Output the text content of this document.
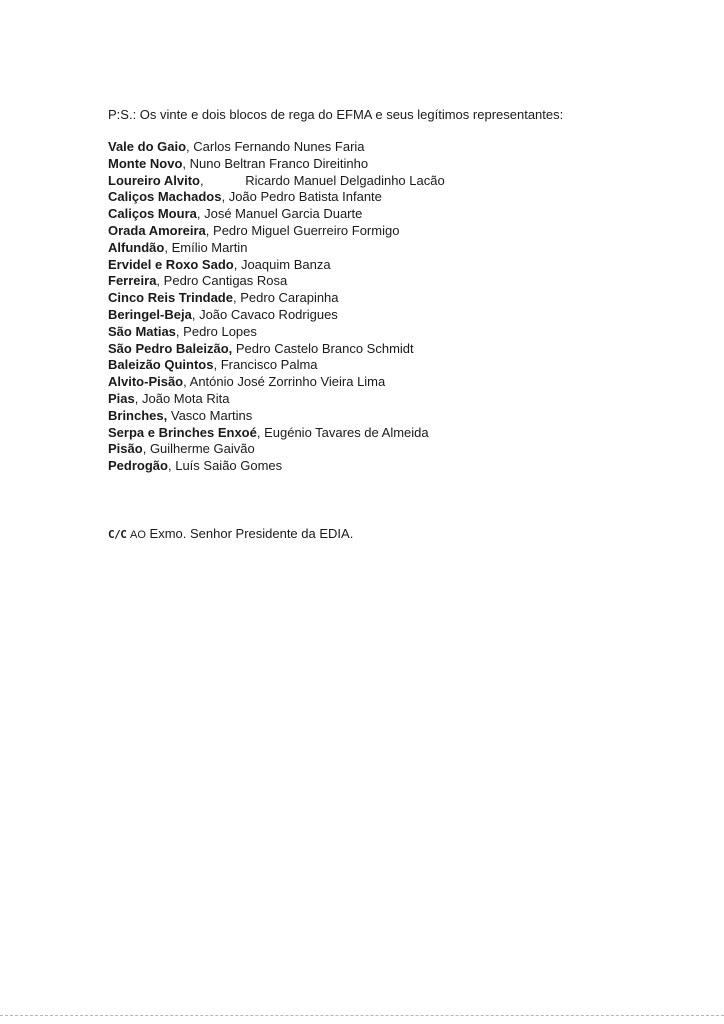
P:S.: Os vinte e dois blocos de rega do EFMA e seus legítimos representantes:
Vale do Gaio, Carlos Fernando Nunes Faria
Monte Novo, Nuno Beltran Franco Direitinho
Loureiro Alvito,	Ricardo Manuel Delgadinho Lacão
Caliços Machados, João Pedro Batista Infante
Caliços Moura, José Manuel Garcia Duarte
Orada Amoreira, Pedro Miguel Guerreiro Formigo
Alfundão, Emílio Martin
Ervidel e Roxo Sado, Joaquim Banza
Ferreira, Pedro Cantigas Rosa
Cinco Reis Trindade, Pedro Carapinha
Beringel-Beja, João Cavaco Rodrigues
São Matias, Pedro Lopes
São Pedro Baleizão, Pedro Castelo Branco Schmidt
Baleizão Quintos, Francisco Palma
Alvito-Pisão, António José Zorrinho Vieira Lima
Pias, João Mota Rita
Brinches, Vasco Martins
Serpa e Brinches Enxoé, Eugénio Tavares de Almeida
Pisão, Guilherme Gaivão
Pedrogão, Luís Saião Gomes
C/C AO Exmo. Senhor Presidente da EDIA.
